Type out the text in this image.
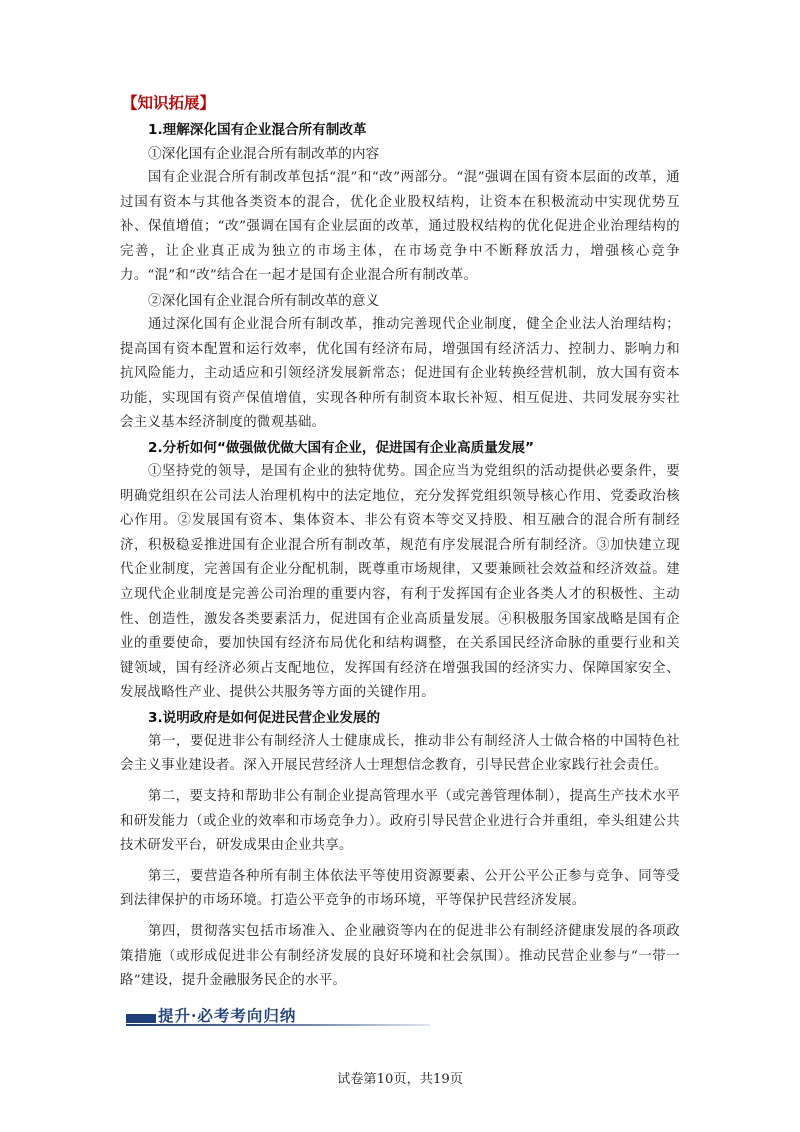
【知识拓展】
1.理解深化国有企业混合所有制改革
①深化国有企业混合所有制改革的内容

国有企业混合所有制改革包括“混”和“改”两部分。“混”强调在国有资本层面的改革，通过国有资本与其他各类资本的混合，优化企业股权结构，让资本在积极流动中实现优势互补、保值增值；“改”强调在国有企业层面的改革，通过股权结构的优化促进企业治理结构的完善，让企业真正成为独立的市场主体，在市场竞争中不断释放活力，增强核心竞争力。“混”和“改”结合在一起才是国有企业混合所有制改革。

②深化国有企业混合所有制改革的意义

通过深化国有企业混合所有制改革，推动完善现代企业制度，健全企业法人治理结构；提高国有资本配置和运行效率，优化国有经济布局，增强国有经济活力、控制力、影响力和抗风险能力，主动适应和引领经济发展新常态；促进国有企业转换经营机制，放大国有资本功能，实现国有资产保值增值，实现各种所有制资本取长补短、相互促进、共同发展夯实社会主义基本经济制度的微观基础。

2.分析如何“做强做优做大国有企业，促进国有企业高质量发展”

①坚持党的领导，是国有企业的独特优势。国企应当为党组织的活动提供必要条件，要明确党组织在公司法人治理机构中的法定地位，充分发挥党组织领导核心作用、党委政治核心作用。②发展国有资本、集体资本、非公有资本等交叉持股、相互融合的混合所有制经济，积极稳妥推进国有企业混合所有制改革，规范有序发展混合所有制经济。③加快建立现代企业制度，完善国有企业分配机制，既尊重市场规律，又要兼顾社会效益和经济效益。建立现代企业制度是完善公司治理的重要内容，有利于发挥国有企业各类人才的积极性、主动性、创造性，激发各类要素活力，促进国有企业高质量发展。④积极服务国家战略是国有企业的重要使命，要加快国有经济布局优化和结构调整，在关系国民经济命脉的重要行业和关键领域，国有经济必须占支配地位，发挥国有经济在增强我国的经济实力、保障国家安全、发展战略性产业、提供公共服务等方面的关键作用。

3.说明政府是如何促进民营企业发展的

第一，要促进非公有制经济人士健康成长，推动非公有制经济人士做合格的中国特色社会主义事业建设者。深入开展民营经济人士理想信念教育，引导民营企业家践行社会责任。

第二，要支持和帮助非公有制企业提高管理水平（或完善管理体制），提高生产技术水平和研发能力（或企业的效率和市场竞争力）。政府引导民营企业进行合并重组，牵头组建公共技术研发平台，研发成果由企业共享。

第三，要营造各种所有制主体依法平等使用资源要素、公开公平公正参与竞争、同等受到法律保护的市场环境。打造公平竞争的市场环境，平等保护民营经济发展。

第四，贯彻落实包括市场准入、企业融资等内在的促进非公有制经济健康发展的各项政策措施（或形成促进非公有制经济发展的良好环境和社会氛围）。推动民营企业参与“一带一路”建设，提升金融服务民企的水平。

提升·必考考向归纳
试卷第10页，共19页
